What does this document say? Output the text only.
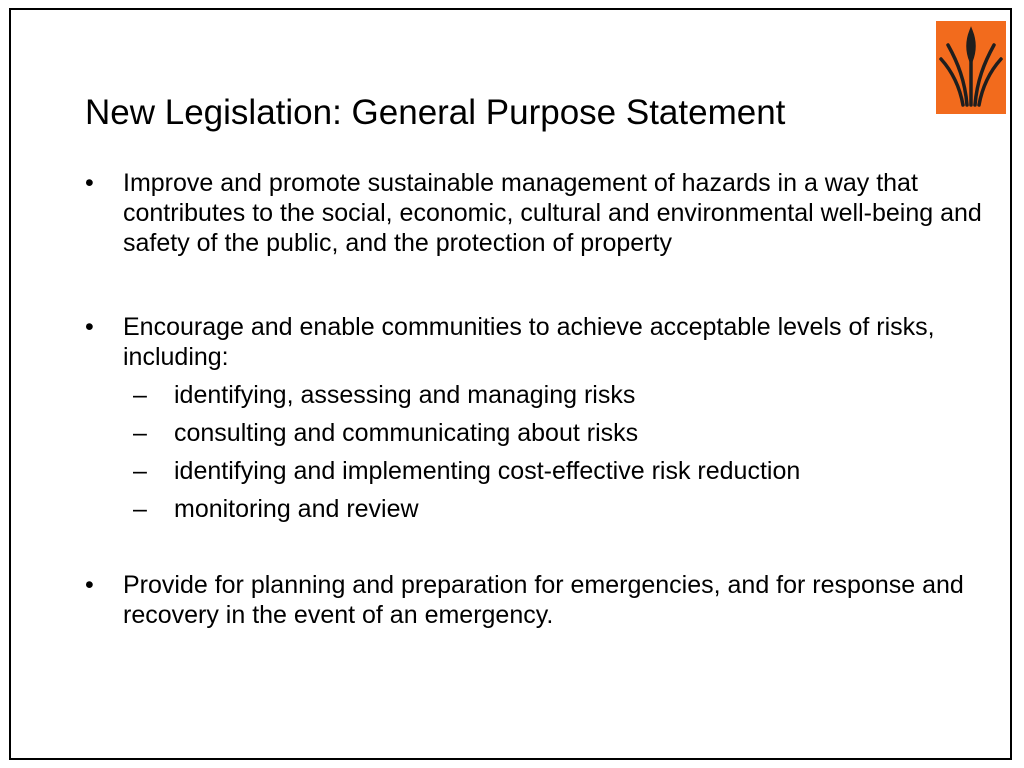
New Legislation: General Purpose Statement
• Improve and promote sustainable management of hazards in a way that contributes to the social, economic, cultural and environmental well-being and safety of the public, and the protection of property
• Encourage and enable communities to achieve acceptable levels of risks, including:
– identifying, assessing and managing risks
– consulting and communicating about risks
– identifying and implementing cost-effective risk reduction
– monitoring and review
• Provide for planning and preparation for emergencies, and for response and recovery in the event of an emergency.
